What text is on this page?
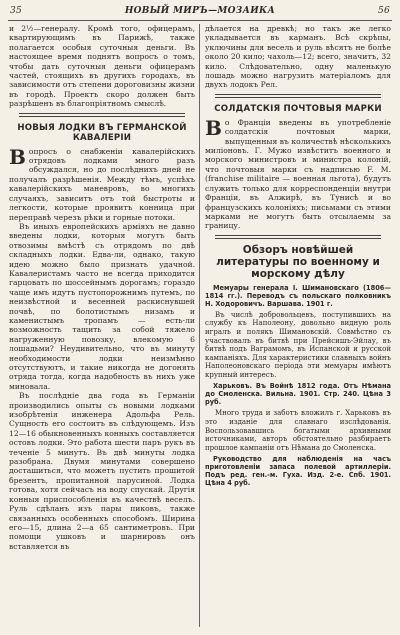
35	НОВЫЙ МИРЪ—МОЗАИКА	56

и 2½—генералу. Кромѣ того, офицерамъ, квартирующимъ въ Парижѣ, также полагается особыя суточныя деньги. Въ настоящее время поднятъ вопросъ о томъ, чтобы дать суточныя деньги офицерамъ частей, стоящихъ въ другихъ городахъ, въ зависимости отъ степени дороговизны жизни въ городѣ. Проектъ скоро должен быть разрѣшенъ въ благопріятномъ смыслѣ.

НОВЫЯ ЛОДКИ ВЪ ГЕРМАНСКОЙ КАВАЛЕРІИ

Вопросъ о снабженіи кавалерійскихъ отрядовъ лодками много разъ обсуждался, но до послѣднихъ дней не получалъ разрѣшенія. Между тѣмъ, успѣхъ кавалерійскихъ маневровъ, во многихъ случаяхъ, зависитъ отъ той быстроты и легкости, которые проявитъ конница при переправѣ черезъ рѣки и горные потоки.

Въ иныхъ европейскихъ арміяхъ не давно введены лодки, которыя могутъ быть отвозимы вмѣстѣ съ отрядомъ по двѣ складныхъ лодки. Едва-ли, однако, такую идею можно было признать удачной. Кавалеристамъ часто не всегда приходится гарцовать по шоссейнымъ дорогамъ; гораздо чаще имъ идутъ пустопорожнимъ путемъ, по неизвѣстной и весенней раскиснувшей почвѣ, по болотистымъ низамъ и каменистымъ тропамъ — есть-ли возможность тащить за собой тяжело нагруженную повозку, влекомую 6 лошадьми? Неудивительно, что въ минуту необходимости лодки неизмѣнно отсутствуютъ, и такие никогда не догонять отряда тогда, когда надобность въ нихъ уже миновала.

Въ послѣдніе два года въ Германіи производились опыты съ новыми лодками изобрѣтенія инженера Адольфа Рель. Сущность его состоитъ въ слѣдующемъ. Изъ 12—16 обыкновенныхъ конныхъ составляется остовъ лодки. Это работа шести паръ рукъ въ теченіе 5 минутъ. Въ двѣ минуты лодка разобрана. Двумя минутами совершено досташиться, что можетъ пустить прошитой брезентъ, пропитанной парусиной. Лодка готова, хотя сейчасъ на воду спускай. Другія конныя приспособленія въ качествѣ веселъ. Руль сдѣланъ изъ пары пиковъ, также связанныхъ особенныхъ способомъ. Ширина его—15, длина 2—а 65 сантиметровъ. При помощи ушковъ и шарнировъ онъ вставляется въ

дѣлается на древкѣ; но такъ же легко укладывается въ карманъ. Всѣ скрѣпы, уключины для весель и руль вѣсятъ не болѣе около 20 кило; чахоль—12; всего, значитъ, 32 кило. Слѣдовательно, одну маленькую лошадь можно нагрузить матеріаломъ для двухъ лодокъ Рел.

СОЛДАТСКІЯ ПОЧТОВЫЯ МАРКИ

Во Франціи введены въ употребленіе солдатскія почтовыя марки, выпущенныя въ количествѣ нѣсколькихъ миліоновъ. Г. Мужо извѣститъ военного и морского министровъ и министра колоній, что почтовыя марки съ надписью F. M. (franchise militaire — военная льгота), будутъ служить только для корреспонденціи внутри Франціи, въ Алжирѣ, въ Тунисѣ и во французскихъ колоніяхъ; письмами съ этими марками не могутъ быть отсылаемы за границу.

Обзоръ новѣйшей литературы по военному и морскому дѣлу
Мемуары генерала І. Шимановскаго (1806—1814 гг.). Переводъ съ польскаго полковникъ Н. Ходоровичъ. Варшава. 1901 г.

Въ числѣ добровольцевъ, поступившихъ на службу къ Наполеону, довольно видную роль игралъ и полякъ Шимановскій. Совмѣстно съ участвовалъ въ битвѣ при Прейсишъ-Эйлау, въ битвѣ подъ Ваграмомъ, въ Испанской и русской кампаніяхъ. Для характеристики славныхъ войнъ Наполеоновскаго періода эти мемуары имѣютъ крупный интересъ.

Харьковъ. Въ Войнѣ 1812 года. Отъ Нѣмана до Смоленска. Вильна. 1901. Стр. 240. Цѣна 3 руб.

Много труда и заботъ вложилъ г. Харьковъ въ это изданіе для славнаго изслѣдованія. Воспользовавшись богатыми архивными источниками, авторъ обстоятельно разбираетъ прошлое кампаніи отъ Нѣмана до Смоленска.

Руководство для наблюденія на часъ приготовленіи запаса полевой артиллеріи. Подъ ред. ген.-м. Гуха. Изд. 2-е. Спб. 1901. Цѣна 4 руб.
